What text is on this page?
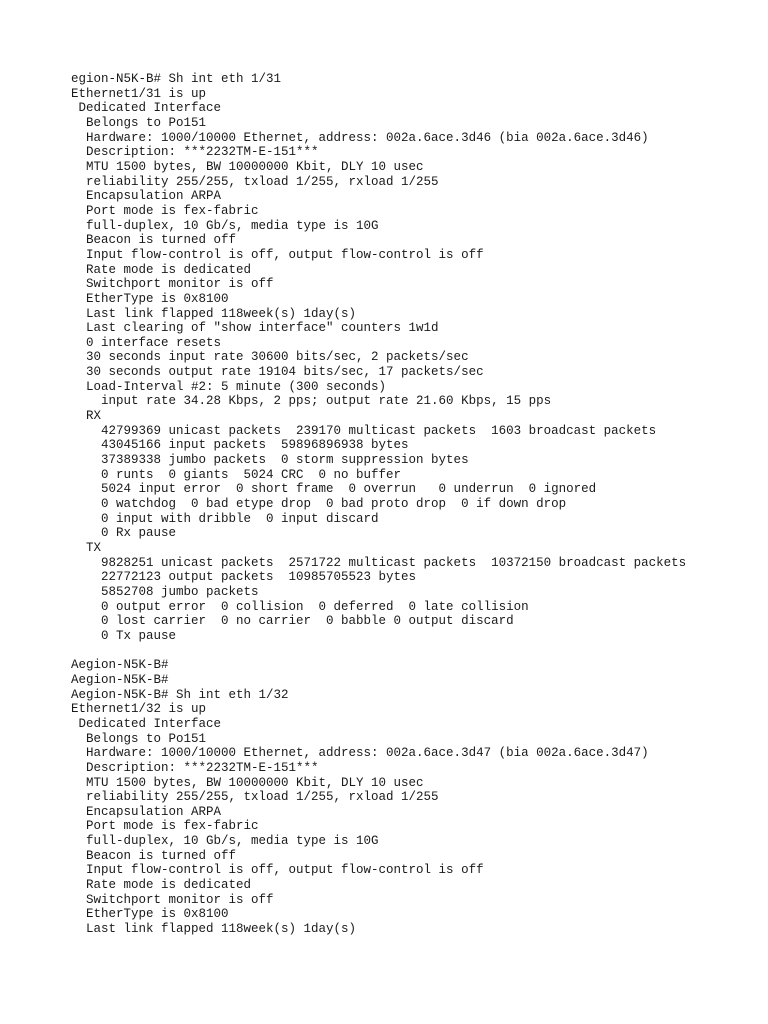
egion-N5K-B# Sh int eth 1/31
Ethernet1/31 is up
Dedicated Interface
Belongs to Po151
Hardware: 1000/10000 Ethernet, address: 002a.6ace.3d46 (bia 002a.6ace.3d46)
Description: ***2232TM-E-151***
MTU 1500 bytes, BW 10000000 Kbit, DLY 10 usec
reliability 255/255, txload 1/255, rxload 1/255
Encapsulation ARPA
Port mode is fex-fabric
full-duplex, 10 Gb/s, media type is 10G
Beacon is turned off
Input flow-control is off, output flow-control is off
Rate mode is dedicated
Switchport monitor is off
EtherType is 0x8100
Last link flapped 118week(s) 1day(s)
Last clearing of "show interface" counters 1w1d
0 interface resets
30 seconds input rate 30600 bits/sec, 2 packets/sec
30 seconds output rate 19104 bits/sec, 17 packets/sec
Load-Interval #2: 5 minute (300 seconds)
input rate 34.28 Kbps, 2 pps; output rate 21.60 Kbps, 15 pps
RX
42799369 unicast packets  239170 multicast packets  1603 broadcast packets
43045166 input packets  59896896938 bytes
37389338 jumbo packets  0 storm suppression bytes
0 runts  0 giants  5024 CRC  0 no buffer
5024 input error  0 short frame  0 overrun   0 underrun  0 ignored
0 watchdog  0 bad etype drop  0 bad proto drop  0 if down drop
0 input with dribble  0 input discard
0 Rx pause
TX
9828251 unicast packets  2571722 multicast packets  10372150 broadcast packets
22772123 output packets  10985705523 bytes
5852708 jumbo packets
0 output error  0 collision  0 deferred  0 late collision
0 lost carrier  0 no carrier  0 babble 0 output discard
0 Tx pause
Aegion-N5K-B#
Aegion-N5K-B#
Aegion-N5K-B# Sh int eth 1/32
Ethernet1/32 is up
Dedicated Interface
Belongs to Po151
Hardware: 1000/10000 Ethernet, address: 002a.6ace.3d47 (bia 002a.6ace.3d47)
Description: ***2232TM-E-151***
MTU 1500 bytes, BW 10000000 Kbit, DLY 10 usec
reliability 255/255, txload 1/255, rxload 1/255
Encapsulation ARPA
Port mode is fex-fabric
full-duplex, 10 Gb/s, media type is 10G
Beacon is turned off
Input flow-control is off, output flow-control is off
Rate mode is dedicated
Switchport monitor is off
EtherType is 0x8100
Last link flapped 118week(s) 1day(s)
